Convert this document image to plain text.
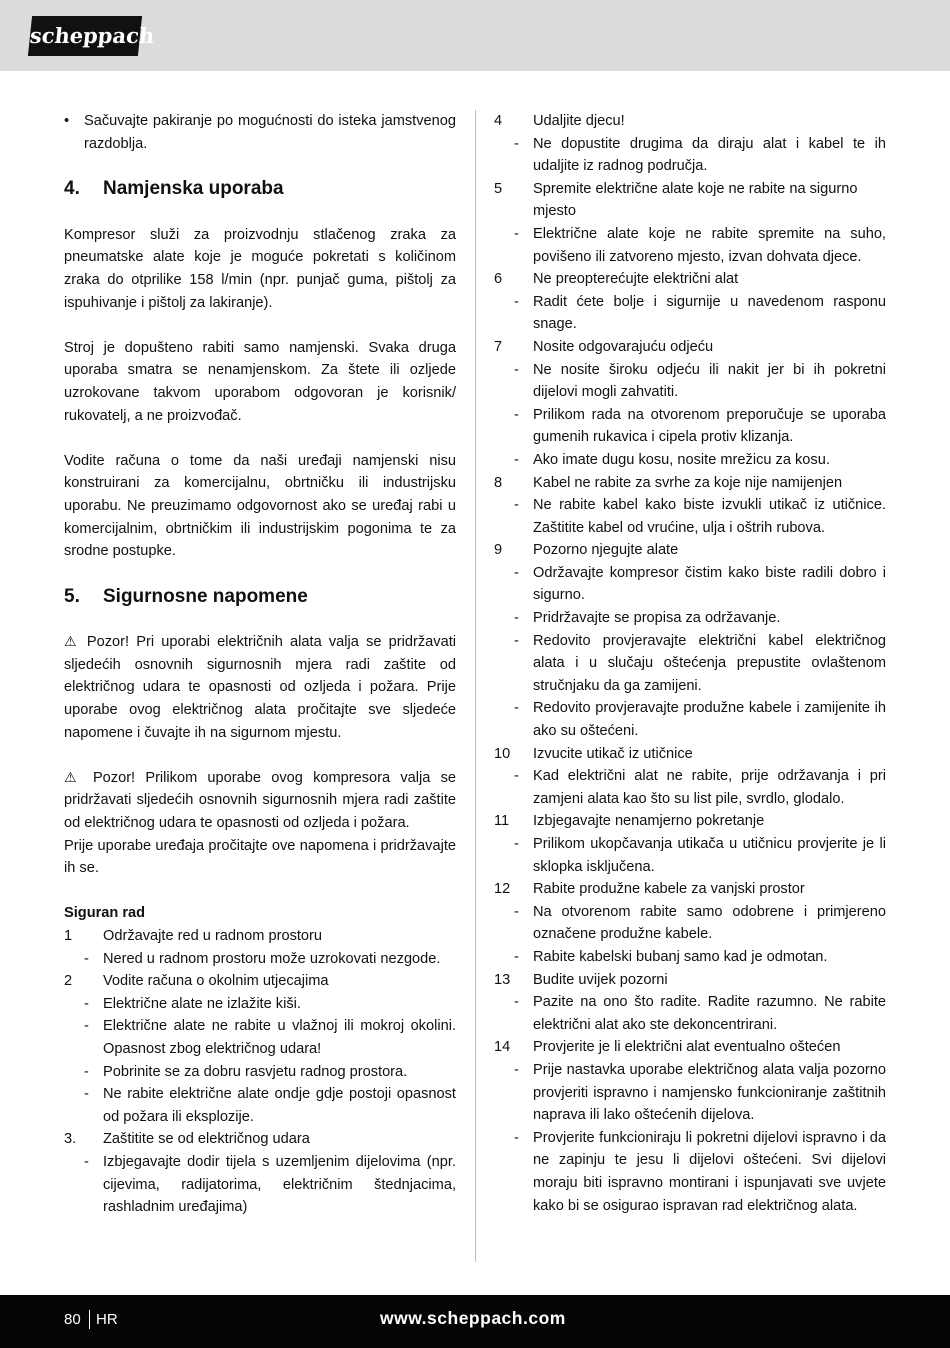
scheppach
•	Sačuvajte pakiranje po mogućnosti do isteka jamstvenog razdoblja.
4.	Namjenska uporaba

Kompresor služi za proizvodnju stlačenog zraka za pneumatske alate koje je moguće pokretati s količinom zraka do otprilike 158 l/min (npr. punjač guma, pištolj za ispuhivanje i pištolj za lakiranje).

Stroj je dopušteno rabiti samo namjenski. Svaka druga uporaba smatra se nenamjenskom. Za štete ili ozljede uzrokovane takvom uporabom odgovoran je korisnik/ rukovatelj, a ne proizvođač.

Vodite računa o tome da naši uređaji namjenski nisu konstruirani za komercijalnu, obrtničku ili industrijsku uporabu. Ne preuzimamo odgovornost ako se uređaj rabi u komercijalnim, obrtničkim ili industrijskim pogonima te za srodne postupke.

5.	Sigurnosne napomene

⚠ Pozor! Pri uporabi električnih alata valja se pridržavati sljedećih osnovnih sigurnosnih mjera radi zaštite od električnog udara te opasnosti od ozljeda i požara. Prije uporabe ovog električnog alata pročitajte sve sljedeće napomene i čuvajte ih na sigurnom mjestu.

⚠ Pozor! Prilikom uporabe ovog kompresora valja se pridržavati sljedećih osnovnih sigurnosnih mjera radi zaštite od električnog udara te opasnosti od ozljeda i požara.

Prije uporabe uređaja pročitajte ove napomena i pridržavajte ih se.

Siguran rad
1	Održavajte red u radnom prostoru
- Nered u radnom prostoru može uzrokovati nezgode.
2	Vodite računa o okolnim utjecajima
- Električne alate ne izlažite kiši.
- Električne alate ne rabite u vlažnoj ili mokroj okolini. Opasnost zbog električnog udara!
- Pobrinite se za dobru rasvjetu radnog prostora.
- Ne rabite električne alate ondje gdje postoji opasnost od požara ili eksplozije.
3.	Zaštitite se od električnog udara
- Izbjegavajte dodir tijela s uzemljenim dijelovima (npr. cijevima, radijatorima, električnim štednjacima, rashladnim uređajima)
4	Udaljite djecu!
- Ne dopustite drugima da diraju alat i kabel te ih udaljite iz radnog područja.
5	Spremite električne alate koje ne rabite na sigurno mjesto
- Električne alate koje ne rabite spremite na suho, povišeno ili zatvoreno mjesto, izvan dohvata djece.
6	Ne preopterećujte električni alat
- Radit ćete bolje i sigurnije u navedenom rasponu snage.
7	Nosite odgovarajuću odjeću
- Ne nosite široku odjeću ili nakit jer bi ih pokretni dijelovi mogli zahvatiti.
- Prilikom rada na otvorenom preporučuje se uporaba gumenih rukavica i cipela protiv klizanja.
- Ako imate dugu kosu, nosite mrežicu za kosu.
8	Kabel ne rabite za svrhe za koje nije namijenjen
- Ne rabite kabel kako biste izvukli utikač iz utičnice. Zaštitite kabel od vrućine, ulja i oštrih rubova.
9	Pozorno njegujte alate
- Održavajte kompresor čistim kako biste radili dobro i sigurno.
- Pridržavajte se propisa za održavanje.
- Redovito provjeravajte električni kabel električnog alata i u slučaju oštećenja prepustite ovlaštenom stručnjaku da ga zamijeni.
- Redovito provjeravajte produžne kabele i zamijenite ih ako su oštećeni.
10	Izvucite utikač iz utičnice
- Kad električni alat ne rabite, prije održavanja i pri zamjeni alata kao što su list pile, svrdlo, glodalo.
11	Izbjegavajte nenamjerno pokretanje
- Prilikom ukopčavanja utikača u utičnicu provjerite je li sklopka isključena.
12	Rabite produžne kabele za vanjski prostor
- Na otvorenom rabite samo odobrene i primjereno označene produžne kabele.
- Rabite kabelski bubanj samo kad je odmotan.
13	Budite uvijek pozorni
- Pazite na ono što radite. Radite razumno. Ne rabite električni alat ako ste dekoncentrirani.
14	Provjerite je li električni alat eventualno oštećen
- Prije nastavka uporabe električnog alata valja pozorno provjeriti ispravno i namjensko funkcioniranje zaštitnih naprava ili lako oštećenih dijelova.
- Provjerite funkcioniraju li pokretni dijelovi ispravno i da ne zapinju te jesu li dijelovi oštećeni. Svi dijelovi moraju biti ispravno montirani i ispunjavati sve uvjete kako bi se osigurao ispravan rad električnog alata.
80 HR	www.scheppach.com
